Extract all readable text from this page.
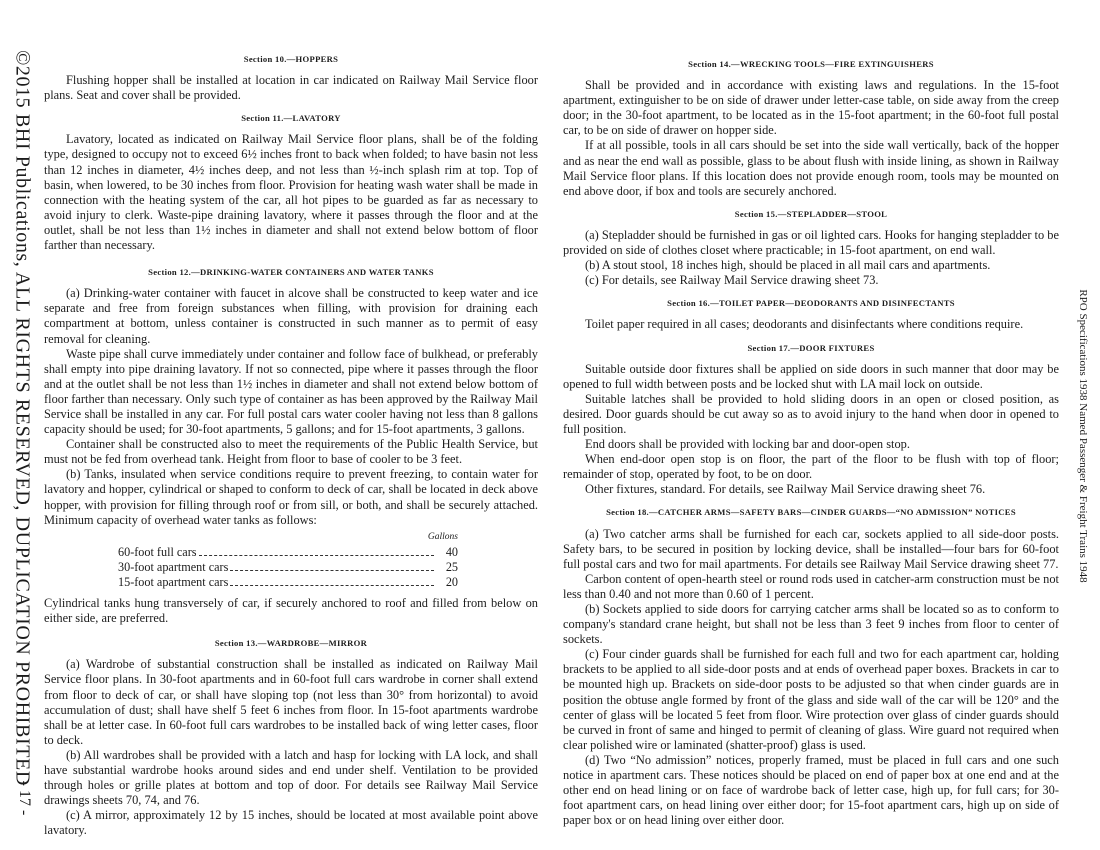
©2015 BHI Publications, ALL RIGHTS RESERVED, DUPLICATION PROHIBITED
- 17 -
RPO Specifications 1938 Named Passenger & Freight Trains 1948
Section 10.—HOPPERS

Flushing hopper shall be installed at location in car indicated on Railway Mail Service floor plans. Seat and cover shall be provided.

Section 11.—LAVATORY

Lavatory, located as indicated on Railway Mail Service floor plans, shall be of the folding type, designed to occupy not to exceed 6½ inches front to back when folded; to have basin not less than 12 inches in diameter, 4½ inches deep, and not less than ½-inch splash rim at top. Top of basin, when lowered, to be 30 inches from floor. Provision for heating wash water shall be made in connection with the heating system of the car, all hot pipes to be guarded as far as necessary to avoid injury to clerk. Waste-pipe draining lavatory, where it passes through the floor and at the outlet, shall be not less than 1½ inches in diameter and shall not extend below bottom of floor farther than necessary.

Section 12.—DRINKING-WATER CONTAINERS AND WATER TANKS

(a) Drinking-water container with faucet in alcove shall be constructed to keep water and ice separate and free from foreign substances when filling, with provision for draining each compartment at bottom, unless container is constructed in such manner as to permit of easy removal for cleaning.

Waste pipe shall curve immediately under container and follow face of bulkhead, or preferably shall empty into pipe draining lavatory. If not so connected, pipe where it passes through the floor and at the outlet shall be not less than 1½ inches in diameter and shall not extend below bottom of floor farther than necessary. Only such type of container as has been approved by the Railway Mail Service shall be installed in any car. For full postal cars water cooler having not less than 8 gallons capacity should be used; for 30-foot apartments, 5 gallons; and for 15-foot apartments, 3 gallons.

Container shall be constructed also to meet the requirements of the Public Health Service, but must not be fed from overhead tank. Height from floor to base of cooler to be 3 feet.

(b) Tanks, insulated when service conditions require to prevent freezing, to contain water for lavatory and hopper, cylindrical or shaped to conform to deck of car, shall be located in deck above hopper, with provision for filling through roof or from sill, or both, and shall be securely attached. Minimum capacity of overhead water tanks as follows:

Gallons
60-foot full cars	40
30-foot apartment cars	25
15-foot apartment cars	20

Cylindrical tanks hung transversely of car, if securely anchored to roof and filled from below on either side, are preferred.

Section 13.—WARDROBE—MIRROR

(a) Wardrobe of substantial construction shall be installed as indicated on Railway Mail Service floor plans. In 30-foot apartments and in 60-foot full cars wardrobe in corner shall extend from floor to deck of car, or shall have sloping top (not less than 30° from horizontal) to avoid accumulation of dust; shall have shelf 5 feet 6 inches from floor. In 15-foot apartments wardrobe shall be at letter case. In 60-foot full cars wardrobes to be installed back of wing letter cases, floor to deck.

(b) All wardrobes shall be provided with a latch and hasp for locking with LA lock, and shall have substantial wardrobe hooks around sides and end under shelf. Ventilation to be provided through holes or grille plates at bottom and top of door. For details see Railway Mail Service drawings sheets 70, 74, and 76.

(c) A mirror, approximately 12 by 15 inches, should be located at most available point above lavatory.

Section 14.—WRECKING TOOLS—FIRE EXTINGUISHERS

Shall be provided and in accordance with existing laws and regulations. In the 15-foot apartment, extinguisher to be on side of drawer under letter-case table, on side away from the creep door; in the 30-foot apartment, to be located as in the 15-foot apartment; in the 60-foot full postal car, to be on side of drawer on hopper side.

If at all possible, tools in all cars should be set into the side wall vertically, back of the hopper and as near the end wall as possible, glass to be about flush with inside lining, as shown in Railway Mail Service floor plans. If this location does not provide enough room, tools may be mounted on end above door, if box and tools are securely anchored.

Section 15.—STEPLADDER—STOOL

(a) Stepladder should be furnished in gas or oil lighted cars. Hooks for hanging stepladder to be provided on side of clothes closet where practicable; in 15-foot apartment, on end wall.

(b) A stout stool, 18 inches high, should be placed in all mail cars and apartments.

(c) For details, see Railway Mail Service drawing sheet 73.

Section 16.—TOILET PAPER—DEODORANTS AND DISINFECTANTS

Toilet paper required in all cases; deodorants and disinfectants where conditions require.

Section 17.—DOOR FIXTURES

Suitable outside door fixtures shall be applied on side doors in such manner that door may be opened to full width between posts and be locked shut with LA mail lock on outside.

Suitable latches shall be provided to hold sliding doors in an open or closed position, as desired. Door guards should be cut away so as to avoid injury to the hand when door in opened to full position.

End doors shall be provided with locking bar and door-open stop.

When end-door open stop is on floor, the part of the floor to be flush with top of floor; remainder of stop, operated by foot, to be on door.

Other fixtures, standard. For details, see Railway Mail Service drawing sheet 76.

Section 18.—CATCHER ARMS—SAFETY BARS—CINDER GUARDS—“NO ADMISSION” NOTICES

(a) Two catcher arms shall be furnished for each car, sockets applied to all side-door posts. Safety bars, to be secured in position by locking device, shall be installed—four bars for 60-foot full postal cars and two for mail apartments. For details see Railway Mail Service drawing sheet 77.

Carbon content of open-hearth steel or round rods used in catcher-arm construction must be not less than 0.40 and not more than 0.60 of 1 percent.

(b) Sockets applied to side doors for carrying catcher arms shall be located so as to conform to company's standard crane height, but shall not be less than 3 feet 9 inches from floor to center of sockets.

(c) Four cinder guards shall be furnished for each full and two for each apartment car, holding brackets to be applied to all side-door posts and at ends of overhead paper boxes. Brackets in car to be mounted high up. Brackets on side-door posts to be adjusted so that when cinder guards are in position the obtuse angle formed by front of the glass and side wall of the car will be 120° and the center of glass will be located 5 feet from floor. Wire protection over glass of cinder guards should be curved in front of same and hinged to permit of cleaning of glass. Wire guard not required when clear polished wire or laminated (shatter-proof) glass is used.

(d) Two “No admission” notices, properly framed, must be placed in full cars and one such notice in apartment cars. These notices should be placed on end of paper box at one end and at the other end on head lining or on face of wardrobe back of letter case, high up, for full cars; for 30-foot apartment cars, on head lining over either door; for 15-foot apartment cars, high up on side of paper box or on head lining over either door.
